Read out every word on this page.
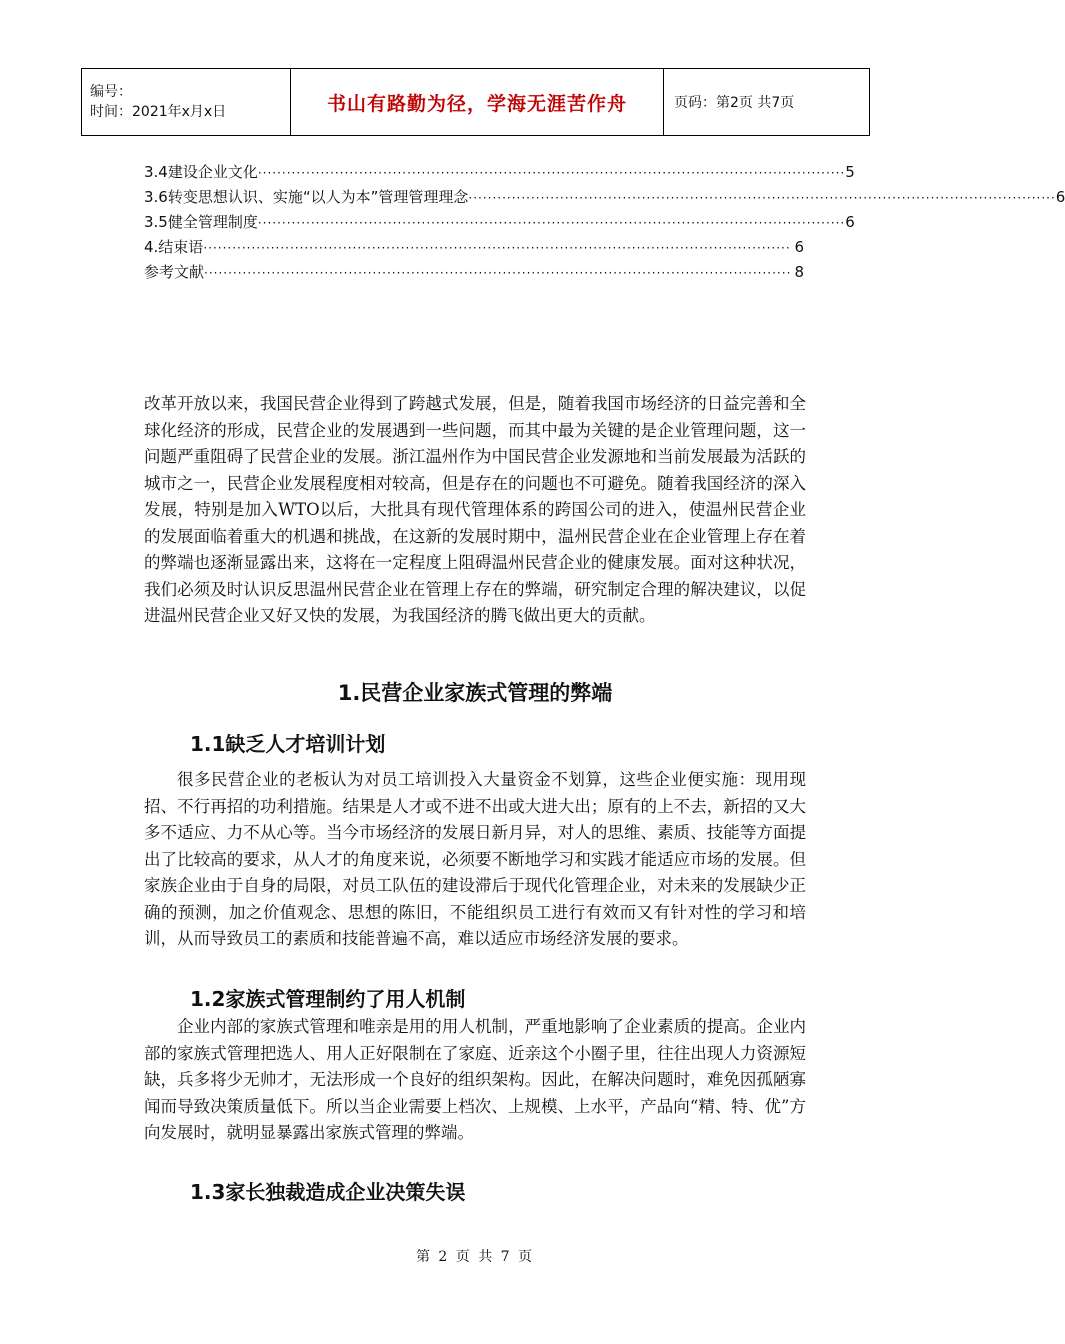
编号：
时间：2021年x月x日	书山有路勤为径，学海无涯苦作舟	页码：第2页 共7页
3.4建设企业文化 ·························································································································· 5
3.6转变思想认识、实施“以人为本”管理管理理念 ·························································································································· 6
3.5健全管理制度 ·························································································································· 6
4.结束语 ·························································································································· 6
参考文献 ·························································································································· 8

改革开放以来，我国民营企业得到了跨越式发展，但是，随着我国市场经济的日益完善和全球化经济的形成，民营企业的发展遇到一些问题，而其中最为关键的是企业管理问题，这一问题严重阻碍了民营企业的发展。浙江温州作为中国民营企业发源地和当前发展最为活跃的城市之一，民营企业发展程度相对较高，但是存在的问题也不可避免。随着我国经济的深入发展，特别是加入WTO以后，大批具有现代管理体系的跨国公司的进入，使温州民营企业的发展面临着重大的机遇和挑战，在这新的发展时期中，温州民营企业在企业管理上存在着的弊端也逐渐显露出来，这将在一定程度上阻碍温州民营企业的健康发展。面对这种状况，我们必须及时认识反思温州民营企业在管理上存在的弊端，研究制定合理的解决建议，以促进温州民营企业又好又快的发展，为我国经济的腾飞做出更大的贡献。

1.民营企业家族式管理的弊端
1.1缺乏人才培训计划

很多民营企业的老板认为对员工培训投入大量资金不划算，这些企业便实施：现用现招、不行再招的功利措施。结果是人才或不进不出或大进大出；原有的上不去，新招的又大多不适应、力不从心等。当今市场经济的发展日新月异，对人的思维、素质、技能等方面提出了比较高的要求，从人才的角度来说，必须要不断地学习和实践才能适应市场的发展。但家族企业由于自身的局限，对员工队伍的建设滞后于现代化管理企业，对未来的发展缺少正确的预测，加之价值观念、思想的陈旧，不能组织员工进行有效而又有针对性的学习和培训，从而导致员工的素质和技能普遍不高，难以适应市场经济发展的要求。

1.2家族式管理制约了用人机制

企业内部的家族式管理和唯亲是用的用人机制，严重地影响了企业素质的提高。企业内部的家族式管理把选人、用人正好限制在了家庭、近亲这个小圈子里，往往出现人力资源短缺，兵多将少无帅才，无法形成一个良好的组织架构。因此，在解决问题时，难免因孤陋寡闻而导致决策质量低下。所以当企业需要上档次、上规模、上水平，产品向“精、特、优”方向发展时，就明显暴露出家族式管理的弊端。

1.3家长独裁造成企业决策失误
第 2 页 共 7 页
